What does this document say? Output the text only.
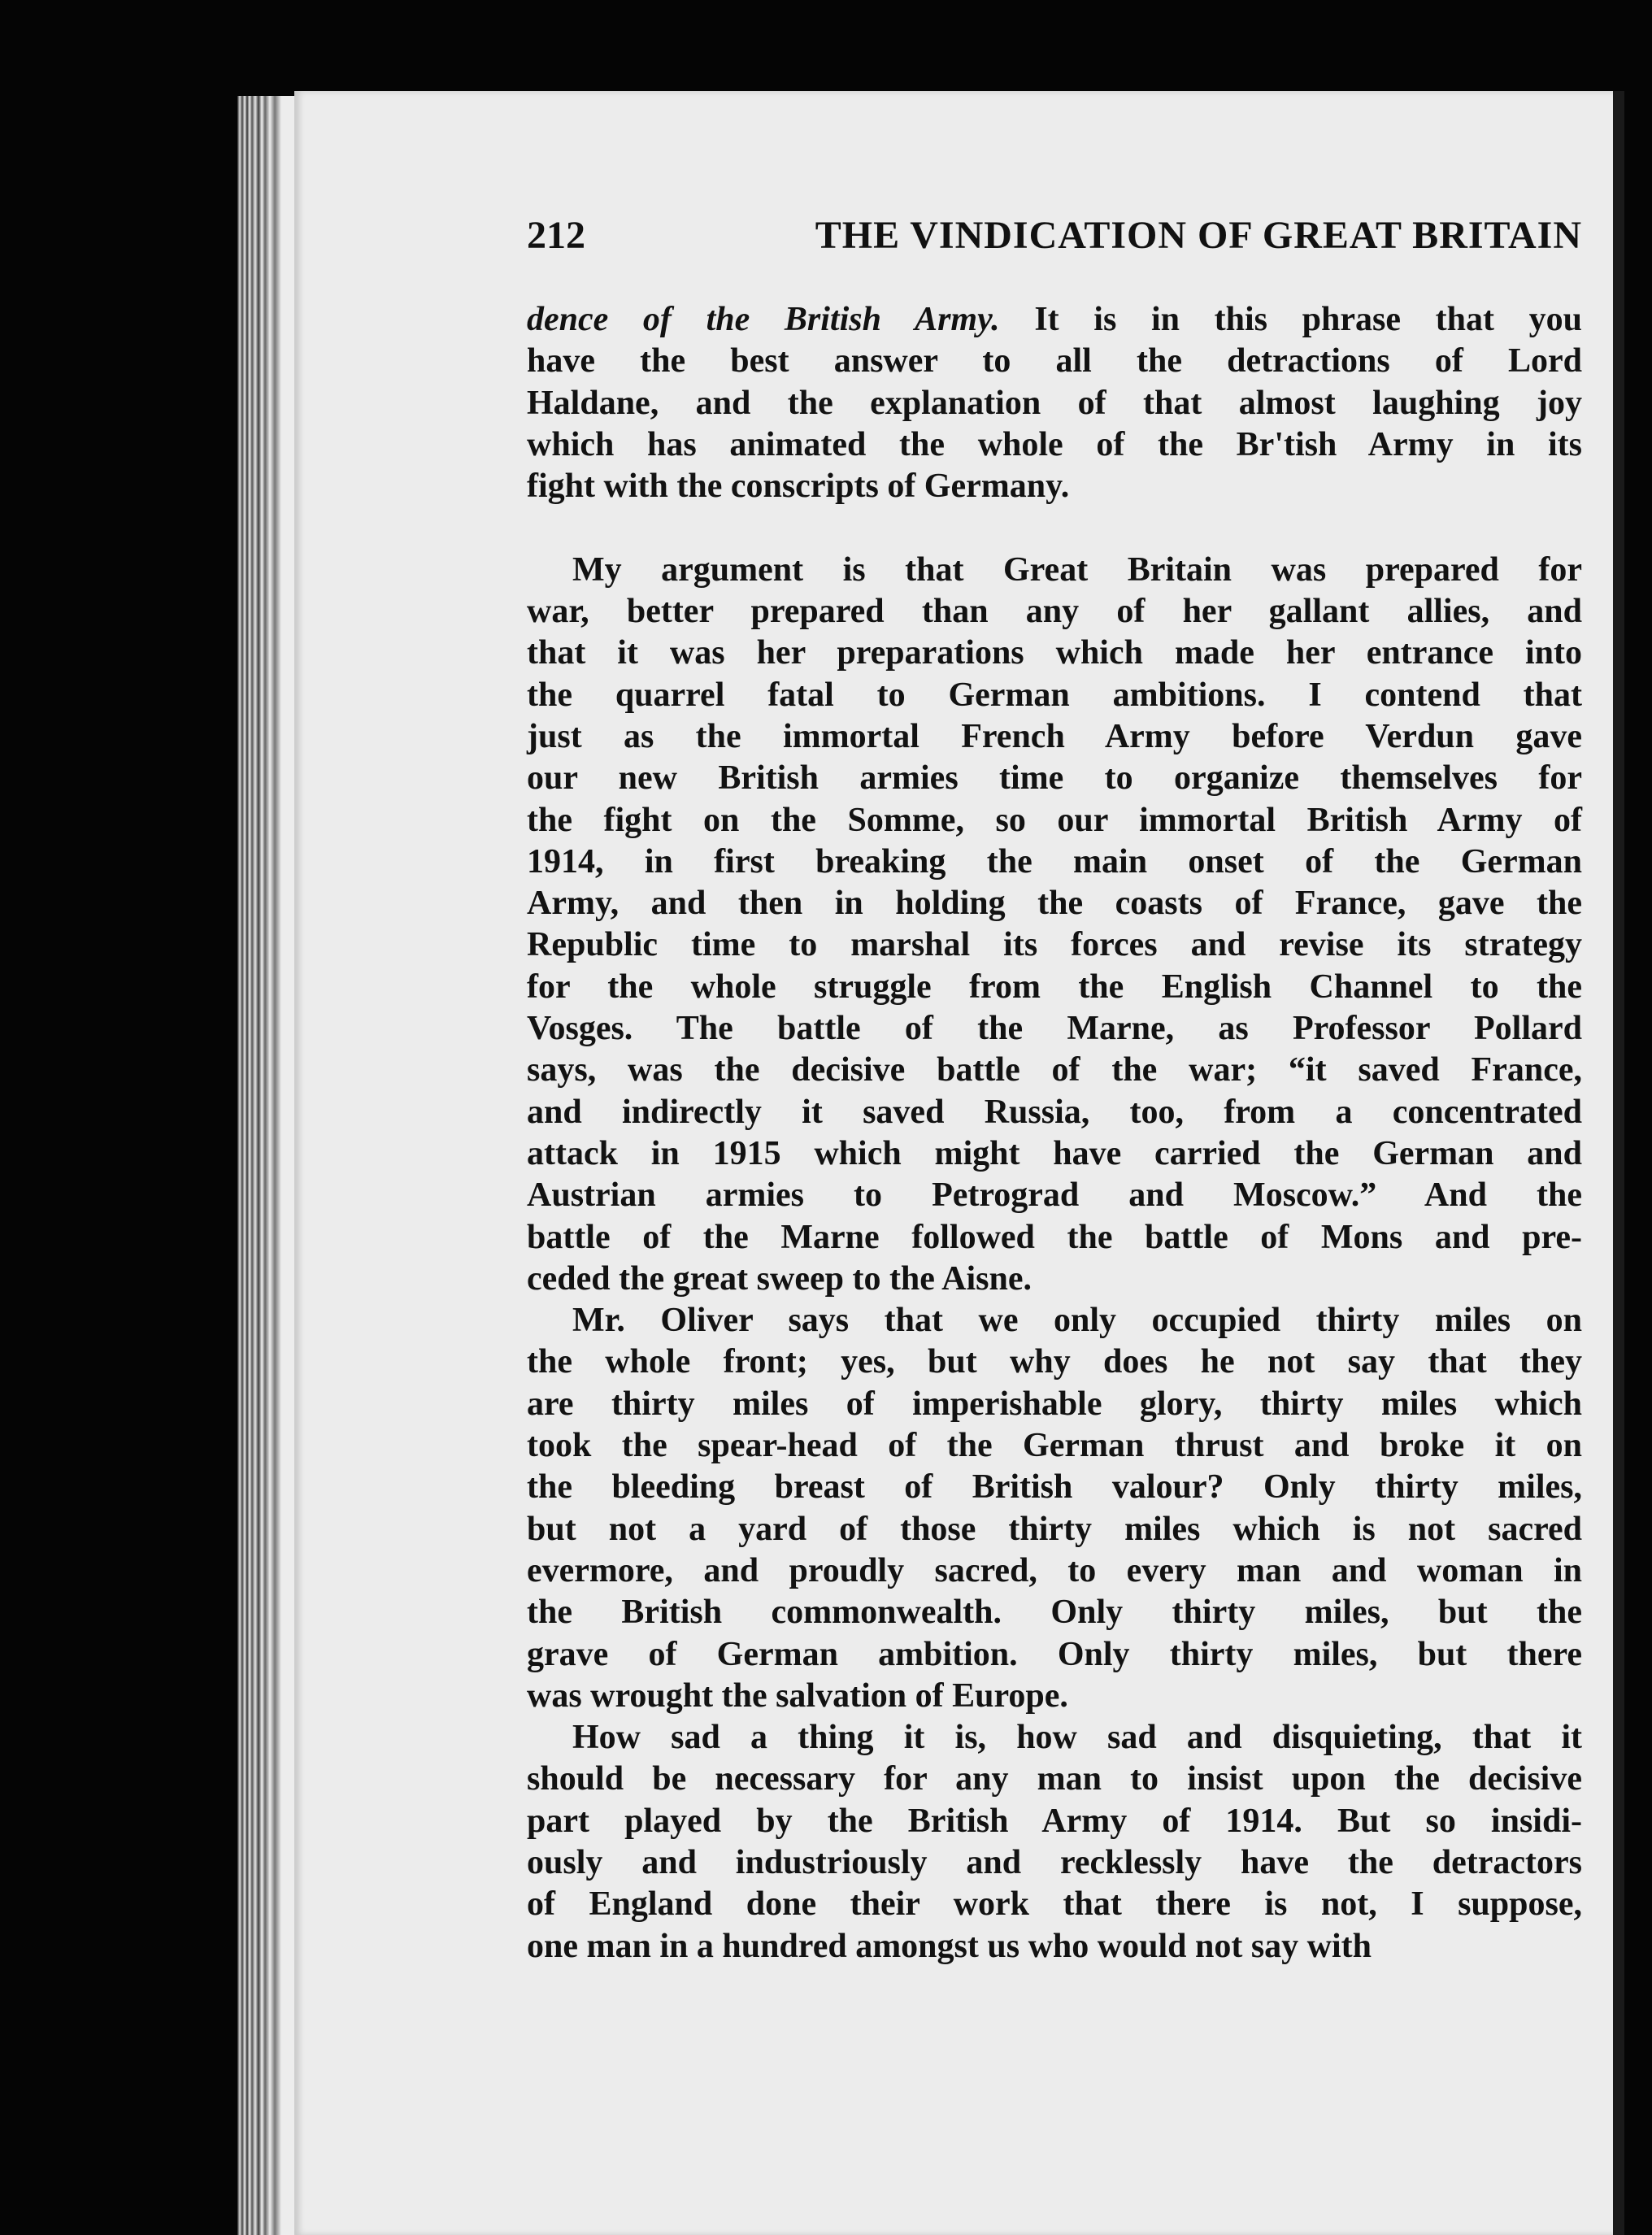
212	THE VINDICATION OF GREAT BRITAIN
dence of the British Army. It is in this phrase that you
have the best answer to all the detractions of Lord
Haldane, and the explanation of that almost laughing joy
which has animated the whole of the Br'tish Army in its
fight with the conscripts of Germany.
My argument is that Great Britain was prepared for
war, better prepared than any of her gallant allies, and
that it was her preparations which made her entrance into
the quarrel fatal to German ambitions. I contend that
just as the immortal French Army before Verdun gave
our new British armies time to organize themselves for
the fight on the Somme, so our immortal British Army of
1914, in first breaking the main onset of the German
Army, and then in holding the coasts of France, gave the
Republic time to marshal its forces and revise its strategy
for the whole struggle from the English Channel to the
Vosges. The battle of the Marne, as Professor Pollard
says, was the decisive battle of the war; “it saved France,
and indirectly it saved Russia, too, from a concentrated
attack in 1915 which might have carried the German and
Austrian armies to Petrograd and Moscow.” And the
battle of the Marne followed the battle of Mons and pre-
ceded the great sweep to the Aisne.
Mr. Oliver says that we only occupied thirty miles on
the whole front; yes, but why does he not say that they
are thirty miles of imperishable glory, thirty miles which
took the spear-head of the German thrust and broke it on
the bleeding breast of British valour? Only thirty miles,
but not a yard of those thirty miles which is not sacred
evermore, and proudly sacred, to every man and woman in
the British commonwealth. Only thirty miles, but the
grave of German ambition. Only thirty miles, but there
was wrought the salvation of Europe.
How sad a thing it is, how sad and disquieting, that it
should be necessary for any man to insist upon the decisive
part played by the British Army of 1914. But so insidi-
ously and industriously and recklessly have the detractors
of England done their work that there is not, I suppose,
one man in a hundred amongst us who would not say with
